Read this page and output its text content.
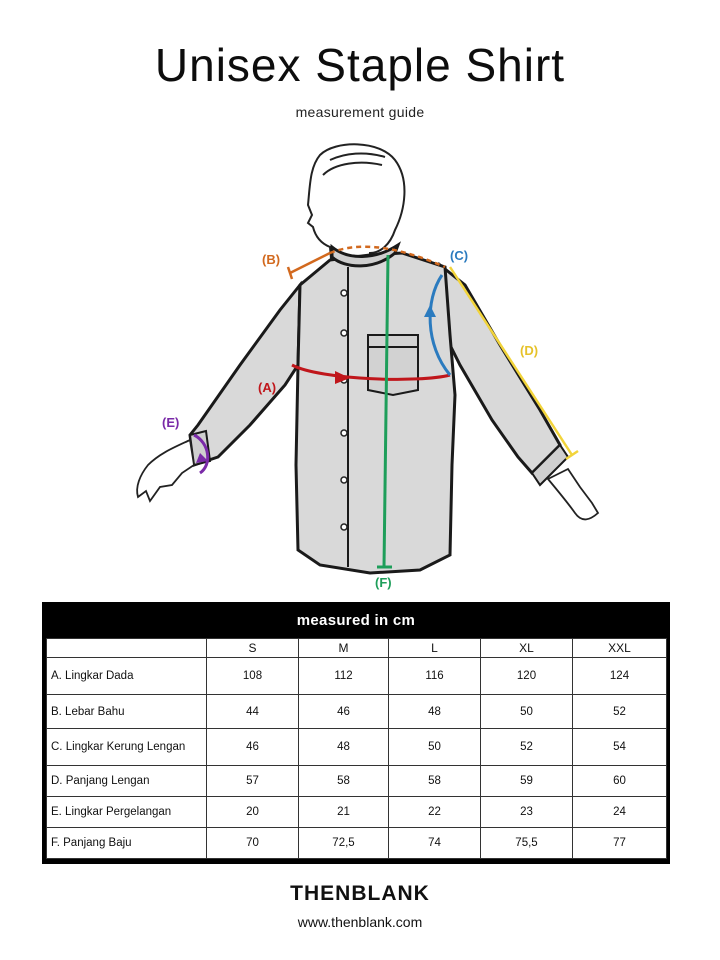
Unisex Staple Shirt
measurement guide
(A)
(B)	(C)
(D)
(E)
(F)
measured in cm
	S	M	L	XL	XXL
A. Lingkar Dada	108	112	116	120	124
B. Lebar Bahu	44	46	48	50	52
C. Lingkar Kerung Lengan	46	48	50	52	54
D. Panjang Lengan	57	58	58	59	60
E. Lingkar Pergelangan	20	21	22	23	24
F. Panjang Baju	70	72,5	74	75,5	77
THENBLANK
www.thenblank.com
